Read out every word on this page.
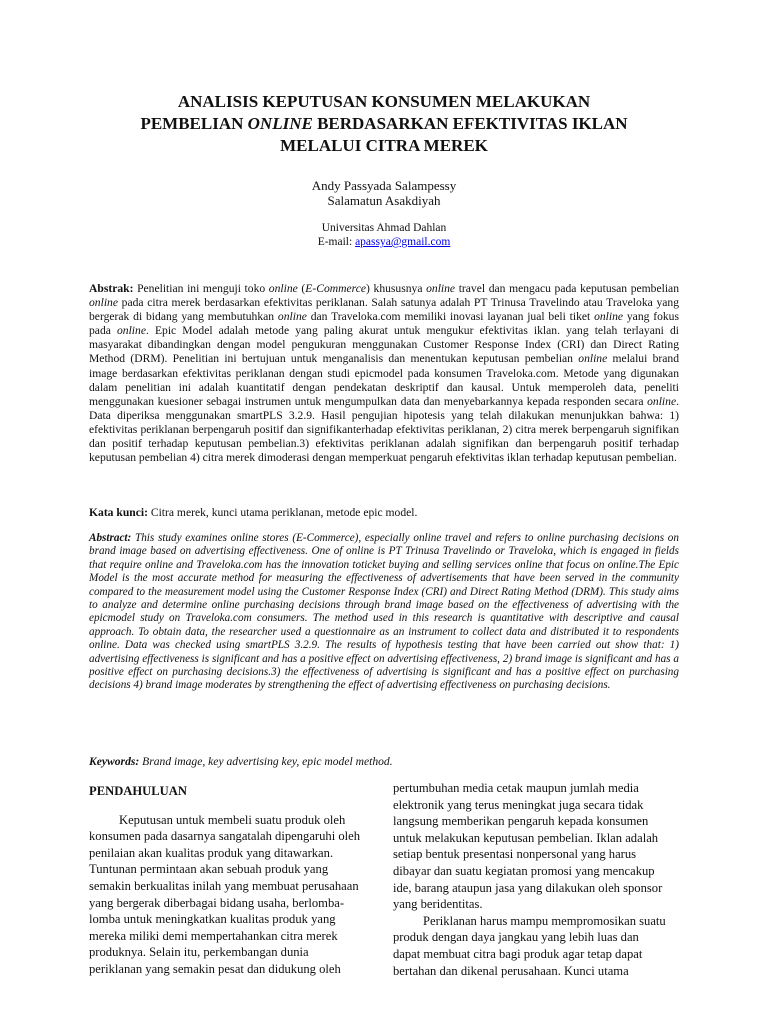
ANALISIS KEPUTUSAN KONSUMEN MELAKUKAN
PEMBELIAN ONLINE BERDASARKAN EFEKTIVITAS IKLAN
MELALUI CITRA MEREK
Andy Passyada Salampessy
Salamatun Asakdiyah
Universitas Ahmad Dahlan
E-mail: apassya@gmail.com
Abstrak: Penelitian ini menguji toko online (E-Commerce) khususnya online travel dan mengacu pada keputusan pembelian online pada citra merek berdasarkan efektivitas periklanan. Salah satunya adalah PT Trinusa Travelindo atau Traveloka yang bergerak di bidang yang membutuhkan online dan Traveloka.com memiliki inovasi layanan jual beli tiket online yang fokus pada online. Epic Model adalah metode yang paling akurat untuk mengukur efektivitas iklan. yang telah terlayani di masyarakat dibandingkan dengan model pengukuran menggunakan Customer Response Index (CRI) dan Direct Rating Method (DRM). Penelitian ini bertujuan untuk menganalisis dan menentukan keputusan pembelian online melalui brand image berdasarkan efektivitas periklanan dengan studi epicmodel pada konsumen Traveloka.com. Metode yang digunakan dalam penelitian ini adalah kuantitatif dengan pendekatan deskriptif dan kausal. Untuk memperoleh data, peneliti menggunakan kuesioner sebagai instrumen untuk mengumpulkan data dan menyebarkannya kepada responden secara online. Data diperiksa menggunakan smartPLS 3.2.9. Hasil pengujian hipotesis yang telah dilakukan menunjukkan bahwa: 1) efektivitas periklanan berpengaruh positif dan signifikanterhadap efektivitas periklanan, 2) citra merek berpengaruh signifikan dan positif terhadap keputusan pembelian.3) efektivitas periklanan adalah signifikan dan berpengaruh positif terhadap keputusan pembelian 4) citra merek dimoderasi dengan memperkuat pengaruh efektivitas iklan terhadap keputusan pembelian.
Kata kunci: Citra merek, kunci utama periklanan, metode epic model.
Abstract: This study examines online stores (E-Commerce), especially online travel and refers to online purchasing decisions on brand image based on advertising effectiveness. One of online is PT Trinusa Travelindo or Traveloka, which is engaged in fields that require online and Traveloka.com has the innovation toticket buying and selling services online that focus on online.The Epic Model is the most accurate method for measuring the effectiveness of advertisements that have been served in the community compared to the measurement model using the Customer Response Index (CRI) and Direct Rating Method (DRM). This study aims to analyze and determine online purchasing decisions through brand image based on the effectiveness of advertising with the epicmodel study on Traveloka.com consumers. The method used in this research is quantitative with descriptive and causal approach. To obtain data, the researcher used a questionnaire as an instrument to collect data and distributed it to respondents online. Data was checked using smartPLS 3.2.9. The results of hypothesis testing that have been carried out show that: 1) advertising effectiveness is significant and has a positive effect on advertising effectiveness, 2) brand image is significant and has a positive effect on purchasing decisions.3) the effectiveness of advertising is significant and has a positive effect on purchasing decisions 4) brand image moderates by strengthening the effect of advertising effectiveness on purchasing decisions.
Keywords: Brand image, key advertising key, epic model method.
PENDAHULUAN
Keputusan untuk membeli suatu produk oleh
konsumen pada dasarnya sangatalah dipengaruhi oleh
penilaian akan kualitas produk yang ditawarkan.
Tuntunan permintaan akan sebuah produk yang
semakin berkualitas inilah yang membuat perusahaan
yang bergerak diberbagai bidang usaha, berlomba-
lomba untuk meningkatkan kualitas produk yang
mereka miliki demi mempertahankan citra merek
produknya. Selain itu, perkembangan dunia
periklanan yang semakin pesat dan didukung oleh
pertumbuhan media cetak maupun jumlah media
elektronik yang terus meningkat juga secara tidak
langsung memberikan pengaruh kepada konsumen
untuk melakukan keputusan pembelian. Iklan adalah
setiap bentuk presentasi nonpersonal yang harus
dibayar dan suatu kegiatan promosi yang mencakup
ide, barang ataupun jasa yang dilakukan oleh sponsor
yang beridentitas.
Periklanan harus mampu mempromosikan suatu
produk dengan daya jangkau yang lebih luas dan
dapat membuat citra bagi produk agar tetap dapat
bertahan dan dikenal perusahaan. Kunci utama
